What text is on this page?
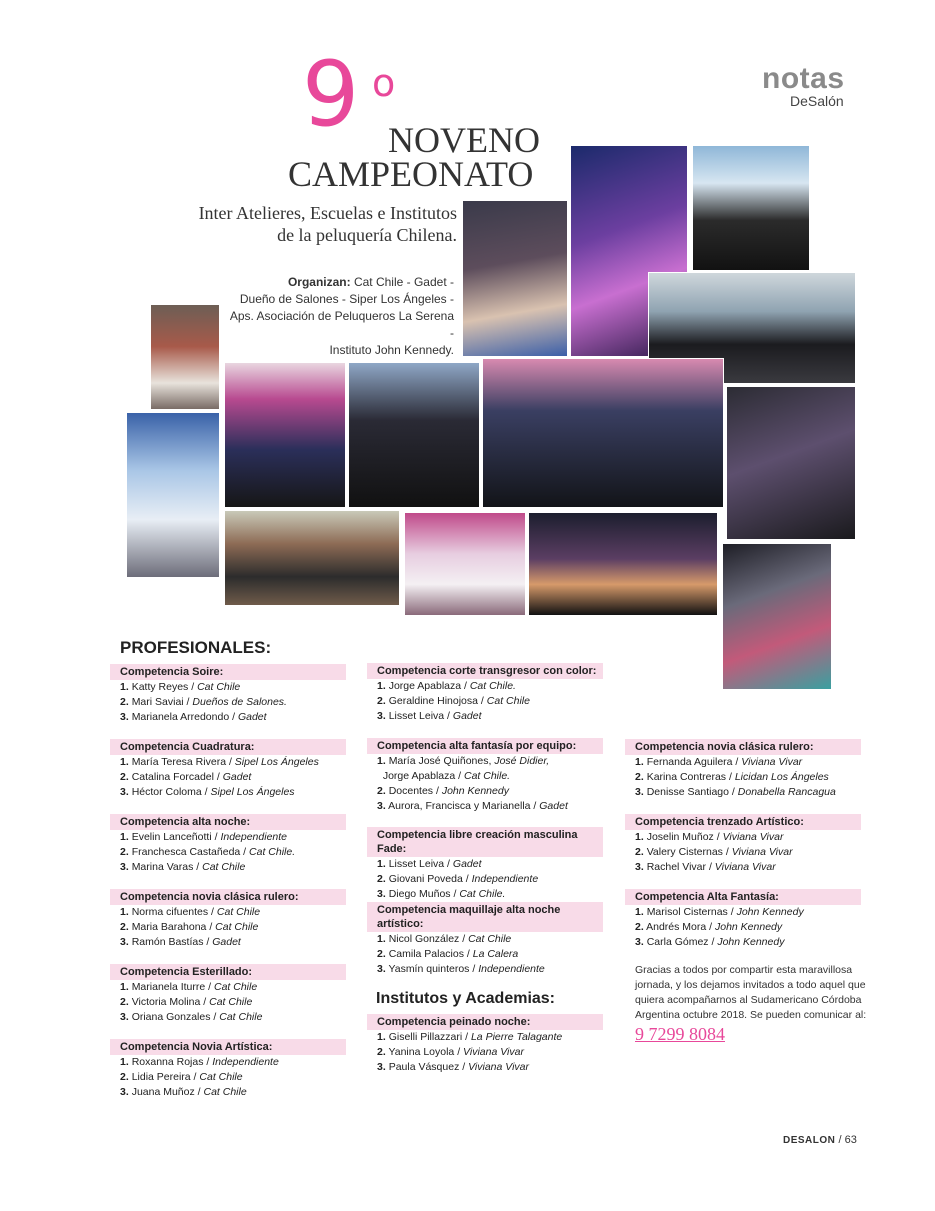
notas
DeSalón
9 o
NOVENO
CAMPEONATO
Inter Atelieres, Escuelas e Institutos
de la peluquería Chilena.
Organizan: Cat Chile - Gadet -
Dueño de Salones - Siper Los Ángeles -
Aps. Asociación de Peluqueros La Serena -
Instituto John Kennedy.
PROFESIONALES:
Institutos y Academias:
Competencia Soire:
1. Katty Reyes / Cat Chile
2. Mari Saviai / Dueños de Salones.
3. Marianela Arredondo / Gadet
Competencia Cuadratura:
1. María Teresa Rivera / Sipel Los Ángeles
2. Catalina Forcadel / Gadet
3. Héctor Coloma / Sipel Los Ángeles
Competencia alta noche:
1. Evelin Lanceñotti / Independiente
2. Franchesca Castañeda / Cat Chile.
3. Marina Varas / Cat Chile
Competencia novia clásica rulero:
1. Norma cifuentes / Cat Chile
2. Maria Barahona / Cat Chile
3. Ramón Bastías / Gadet
Competencia Esterillado:
1. Marianela Iturre / Cat Chile
2. Victoria Molina / Cat Chile
3. Oriana Gonzales / Cat Chile
Competencia Novia Artística:
1. Roxanna Rojas / Independiente
2. Lidia Pereira / Cat Chile
3. Juana Muñoz / Cat Chile
Competencia corte transgresor con color:
1. Jorge Apablaza / Cat Chile.
2. Geraldine Hinojosa / Cat Chile
3. Lisset Leiva / Gadet
Competencia alta fantasía por equipo:
1. María José Quiñones, José Didier,
Jorge Apablaza / Cat Chile.
2. Docentes / John Kennedy
3. Aurora, Francisca y Marianella / Gadet
Competencia libre creación masculina Fade:
1. Lisset Leiva / Gadet
2. Giovani Poveda / Independiente
3. Diego Muños / Cat Chile.
Competencia maquillaje alta noche artístico:
1. Nicol González / Cat Chile
2. Camila Palacios / La Calera
3. Yasmín quinteros / Independiente
Competencia peinado noche:
1. Giselli Pillazzari / La Pierre Talagante
2. Yanina Loyola / Viviana Vivar
3. Paula Vásquez / Viviana Vivar
Competencia novia clásica rulero:
1. Fernanda Aguilera / Viviana Vivar
2. Karina Contreras / Licidan Los Ángeles
3. Denisse Santiago / Donabella Rancagua
Competencia trenzado Artístico:
1. Joselin Muñoz / Viviana Vivar
2. Valery Cisternas / Viviana Vivar
3. Rachel Vivar / Viviana Vivar
Competencia Alta Fantasía:
1. Marisol Cisternas / John Kennedy
2. Andrés Mora / John Kennedy
3. Carla Gómez / John Kennedy
Gracias a todos por compartir esta maravillosa jornada, y los dejamos invitados a todo aquel que quiera acompañarnos al Sudamericano Córdoba Argentina octubre 2018. Se pueden comunicar al:
9 7299 8084
DESALON / 63
